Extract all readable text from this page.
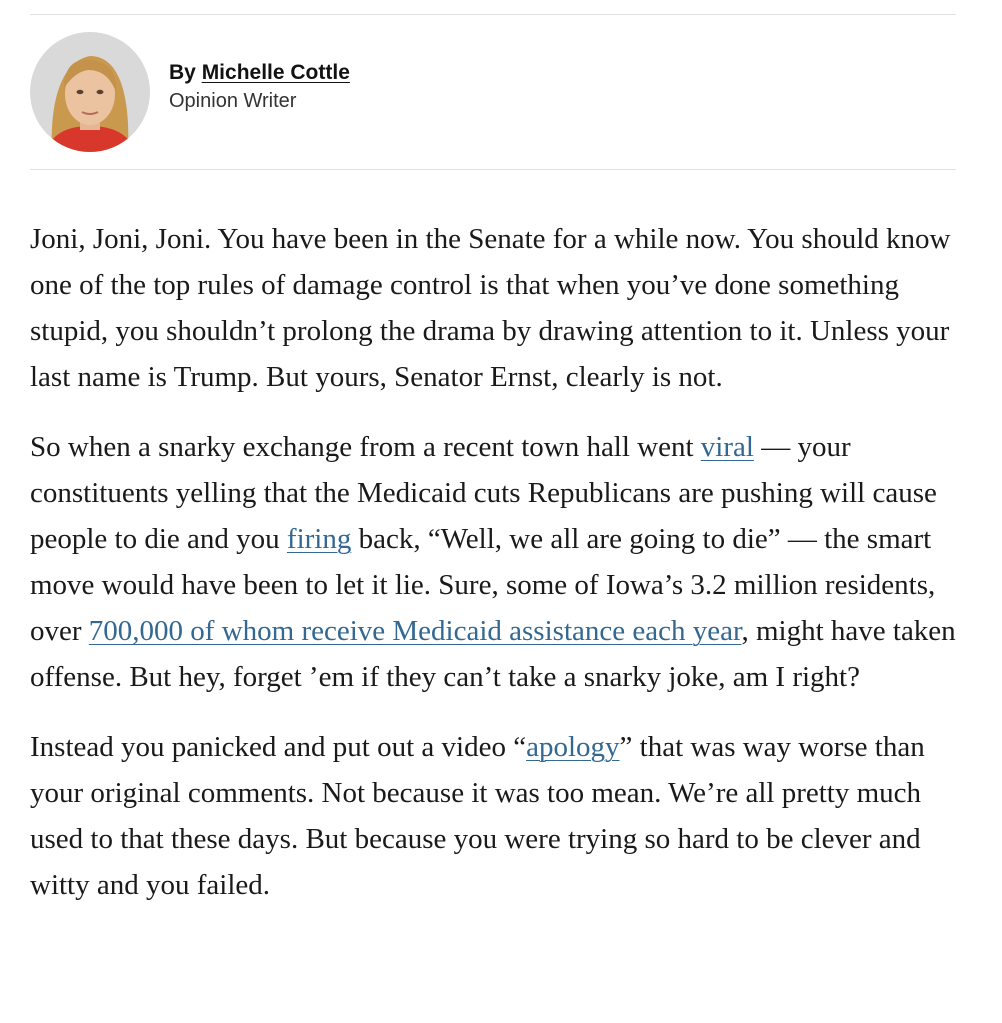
By Michelle Cottle
Opinion Writer

Joni, Joni, Joni. You have been in the Senate for a while now. You should know one of the top rules of damage control is that when you’ve done something stupid, you shouldn’t prolong the drama by drawing attention to it. Unless your last name is Trump. But yours, Senator Ernst, clearly is not.

So when a snarky exchange from a recent town hall went viral — your constituents yelling that the Medicaid cuts Republicans are pushing will cause people to die and you firing back, “Well, we all are going to die” — the smart move would have been to let it lie. Sure, some of Iowa’s 3.2 million residents, over 700,000 of whom receive Medicaid assistance each year, might have taken offense. But hey, forget ’em if they can’t take a snarky joke, am I right?

Instead you panicked and put out a video “apology” that was way worse than your original comments. Not because it was too mean. We’re all pretty much used to that these days. But because you were trying so hard to be clever and witty and you failed.
